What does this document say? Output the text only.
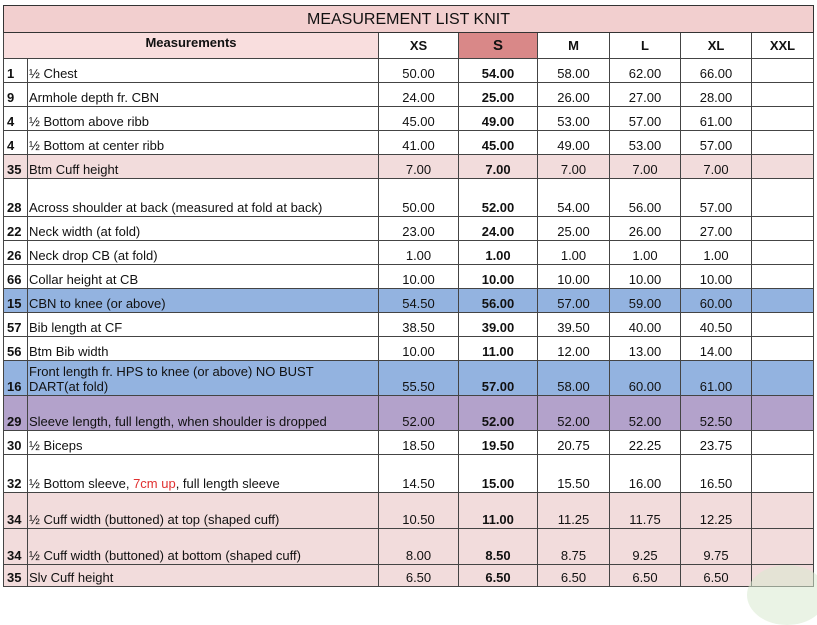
MEASUREMENT LIST KNIT							
Measurements		XS	S	M	L	XL	XXL
1	½ Chest	50.00	54.00	58.00	62.00	66.00	
9	Armhole depth fr. CBN	24.00	25.00	26.00	27.00	28.00	
4	½ Bottom above ribb	45.00	49.00	53.00	57.00	61.00	
4	½ Bottom at center ribb	41.00	45.00	49.00	53.00	57.00	
35	Btm Cuff height	7.00	7.00	7.00	7.00	7.00	
28	Across shoulder at back (measured at fold at back)	50.00	52.00	54.00	56.00	57.00	
22	Neck width (at fold)	23.00	24.00	25.00	26.00	27.00	
26	Neck drop CB (at fold)	1.00	1.00	1.00	1.00	1.00	
66	Collar height at CB	10.00	10.00	10.00	10.00	10.00	
15	CBN to knee (or above)	54.50	56.00	57.00	59.00	60.00	
57	Bib length at CF	38.50	39.00	39.50	40.00	40.50	
56	Btm Bib width	10.00	11.00	12.00	13.00	14.00	
16	Front length fr. HPS to knee (or above) NO BUST
DART(at fold)	55.50	57.00	58.00	60.00	61.00	
29	Sleeve length, full length, when shoulder is dropped	52.00	52.00	52.00	52.00	52.50	
30	½ Biceps	18.50	19.50	20.75	22.25	23.75	
32	½ Bottom sleeve, 7cm up, full length sleeve	14.50	15.00	15.50	16.00	16.50	
34	½ Cuff width (buttoned) at top (shaped cuff)	10.50	11.00	11.25	11.75	12.25	
34	½ Cuff width (buttoned) at bottom (shaped cuff)	8.00	8.50	8.75	9.25	9.75	
35	Slv Cuff height	6.50	6.50	6.50	6.50	6.50	
